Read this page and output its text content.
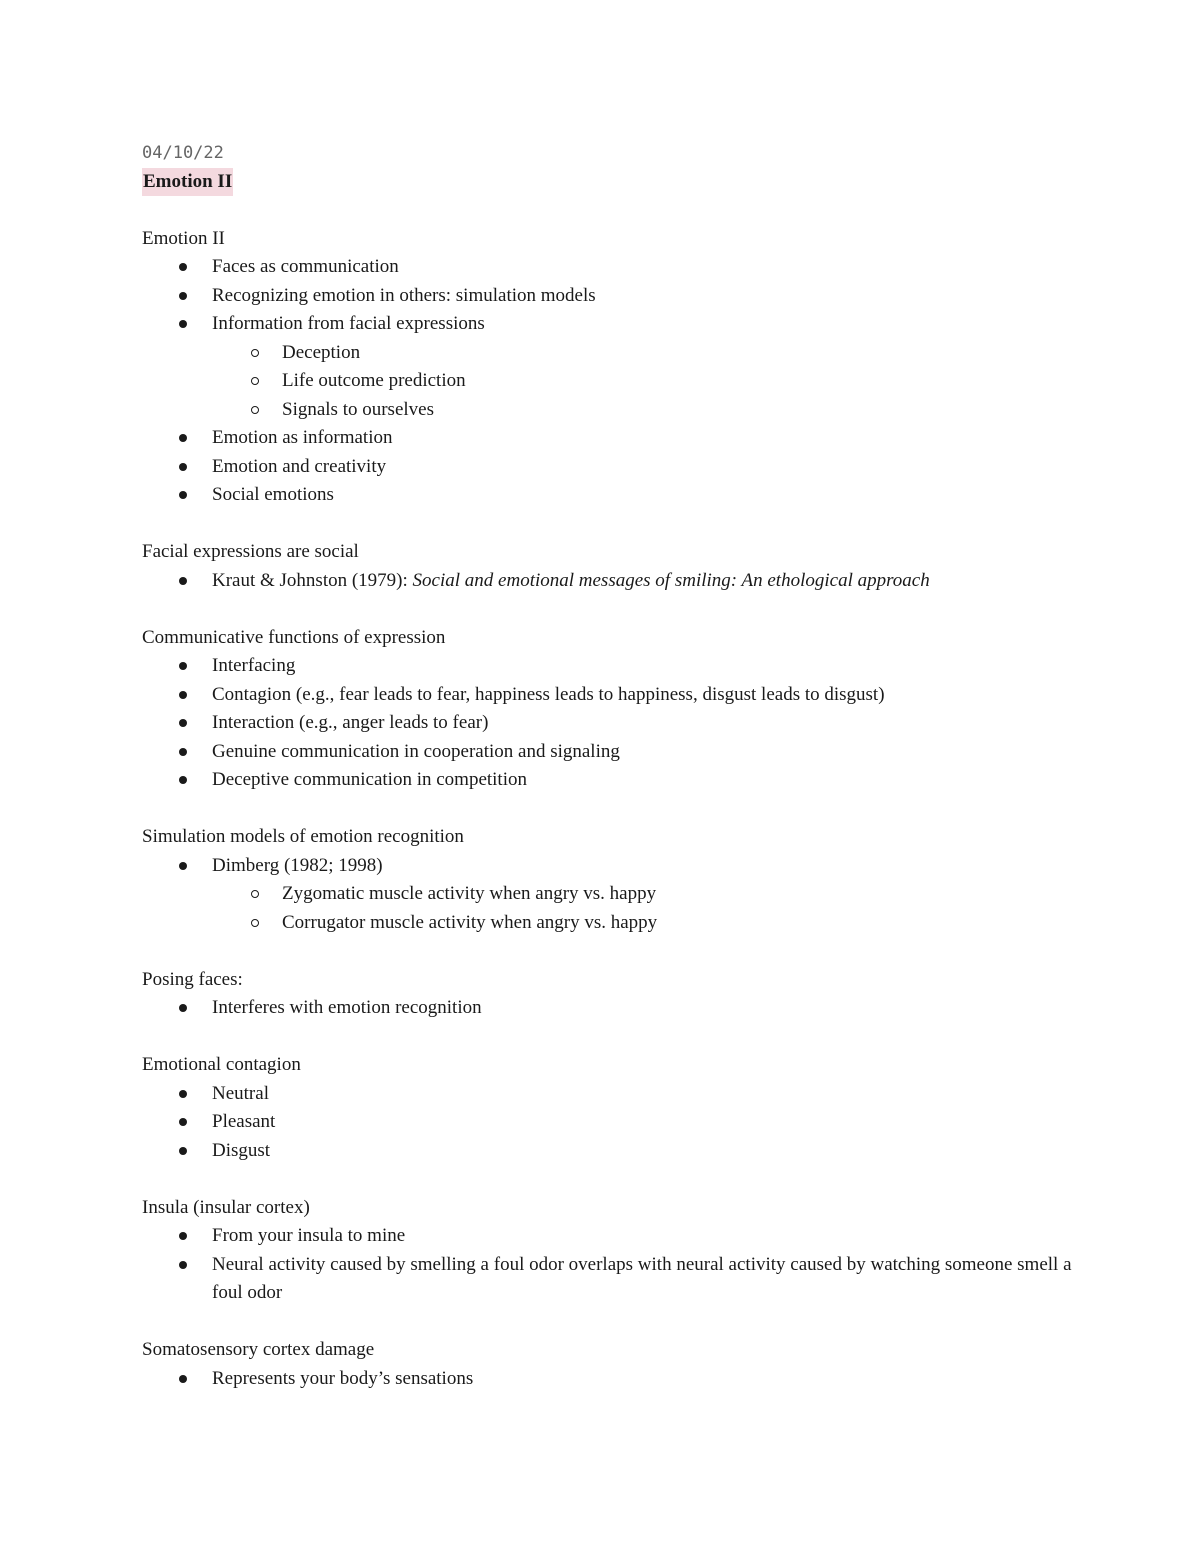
04/10/22
Emotion II
Emotion II
Faces as communication
Recognizing emotion in others: simulation models
Information from facial expressions
Deception
Life outcome prediction
Signals to ourselves
Emotion as information
Emotion and creativity
Social emotions
Facial expressions are social
Kraut & Johnston (1979): Social and emotional messages of smiling: An ethological approach
Communicative functions of expression
Interfacing
Contagion (e.g., fear leads to fear, happiness leads to happiness, disgust leads to disgust)
Interaction (e.g., anger leads to fear)
Genuine communication in cooperation and signaling
Deceptive communication in competition
Simulation models of emotion recognition
Dimberg (1982; 1998)
Zygomatic muscle activity when angry vs. happy
Corrugator muscle activity when angry vs. happy
Posing faces:
Interferes with emotion recognition
Emotional contagion
Neutral
Pleasant
Disgust
Insula (insular cortex)
From your insula to mine
Neural activity caused by smelling a foul odor overlaps with neural activity caused by watching someone smell a foul odor
Somatosensory cortex damage
Represents your body’s sensations
